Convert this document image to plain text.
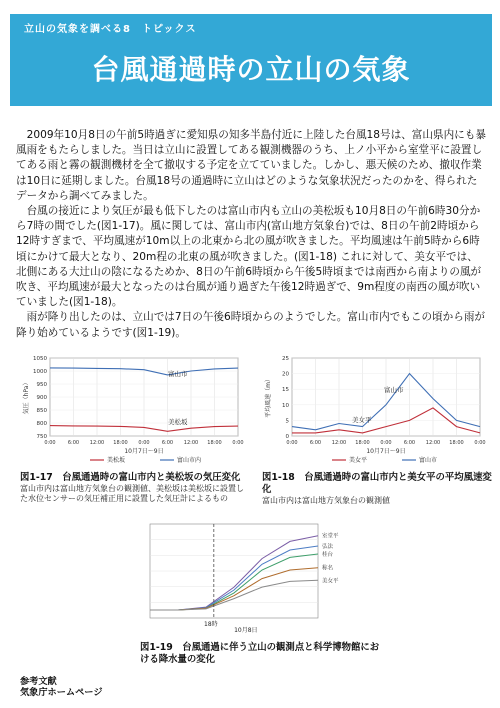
立山の気象を調べる8　トピックス
台風通過時の立山の気象

2009年10月8日の午前5時過ぎに愛知県の知多半島付近に上陸した台風18号は、富山県内にも暴風雨をもたらしました。当日は立山に設置してある観測機器のうち、上ノ小平から室堂平に設置してある雨と霧の観測機材を全て撤収する予定を立てていました。しかし、悪天候のため、撤収作業は10日に延期しました。台風18号の通過時に立山はどのような気象状況だったのかを、得られたデータから調べてみました。

台風の接近により気圧が最も低下したのは富山市内も立山の美松坂も10月8日の午前6時30分から7時の間でした(図1-17)。風に関しては、富山市内(富山地方気象台)では、8日の午前2時頃から12時すぎまで、平均風速が10m以上の北東から北の風が吹きました。平均風速は午前5時から6時頃にかけて最大となり、20m程の北東の風が吹きました。(図1-18) これに対して、美女平では、北側にある大辻山の陰になるためか、8日の午前6時頃から午後5時頃までは南西から南よりの風が吹き、平均風速が最大となったのは台風が通り過ぎた午後12時過ぎで、9m程度の南西の風が吹いていました(図1-18)。

雨が降り出したのは、立山では7日の午後6時頃からのようでした。富山市内でもこの頃から雨が降り始めているようです(図1-19)。

0:00 6:00 12:00 18:00 0:00 6:00 12:00 18:00 0:00
750
800
850
900
950
1000
1050
気圧（hPa）
10月7日～9日
富山市
美松坂
美松坂	富山市内
図1-17　台風通過時の富山市内と美松坂の気圧変化
富山市内は富山地方気象台の観測値、美松坂は美松坂に設置した水位センサーの気圧補正用に設置した気圧計によるもの
0:00 6:00 12:00 18:00 0:00 6:00 12:00 18:00 0:00
0
5
10
15
20
25
平均風速（m）
10月7日～9日
富山市
美女平
美女平	富山市
図1-18　台風通過時の富山市内と美女平の平均風速変化
富山市内は富山地方気象台の観測値
室堂平
弘法
桂台
称名
美女平
18時
10月8日
図1-19　台風通過に伴う立山の観測点と科学博物館における降水量の変化
参考文献
気象庁ホームページ
